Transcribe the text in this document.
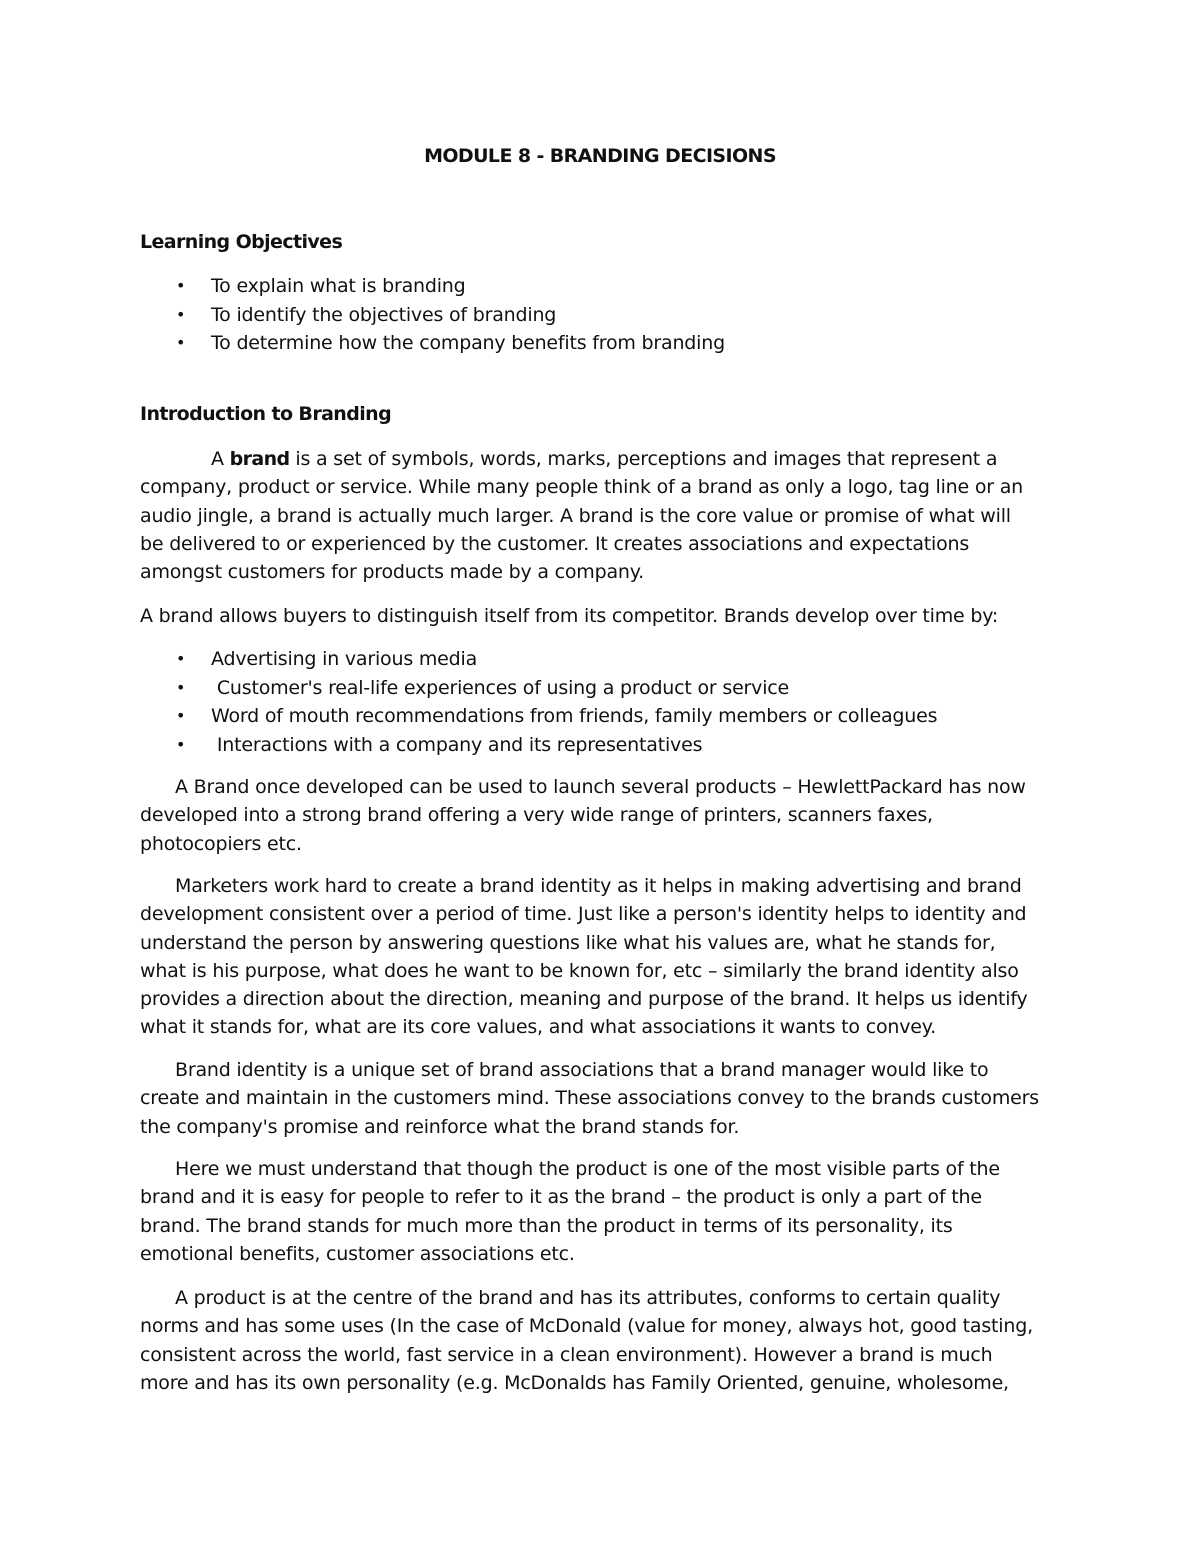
MODULE 8 - BRANDING DECISIONS
Learning Objectives
• To explain what is branding
• To identify the objectives of branding
• To determine how the company benefits from branding
Introduction to Branding

A brand is a set of symbols, words, marks, perceptions and images that represent a
company, product or service. While many people think of a brand as only a logo, tag line or an
audio jingle, a brand is actually much larger. A brand is the core value or promise of what will
be delivered to or experienced by the customer. It creates associations and expectations
amongst customers for products made by a company.

A brand allows buyers to distinguish itself from its competitor. Brands develop over time by:

• Advertising in various media
• Customer's real-life experiences of using a product or service
• Word of mouth recommendations from friends, family members or colleagues
• Interactions with a company and its representatives

A Brand once developed can be used to launch several products – HewlettPackard has now
developed into a strong brand offering a very wide range of printers, scanners faxes,
photocopiers etc.

Marketers work hard to create a brand identity as it helps in making advertising and brand
development consistent over a period of time. Just like a person's identity helps to identity and
understand the person by answering questions like what his values are, what he stands for,
what is his purpose, what does he want to be known for, etc – similarly the brand identity also
provides a direction about the direction, meaning and purpose of the brand. It helps us identify
what it stands for, what are its core values, and what associations it wants to convey.

Brand identity is a unique set of brand associations that a brand manager would like to
create and maintain in the customers mind. These associations convey to the brands customers
the company's promise and reinforce what the brand stands for.

Here we must understand that though the product is one of the most visible parts of the
brand and it is easy for people to refer to it as the brand – the product is only a part of the
brand. The brand stands for much more than the product in terms of its personality, its
emotional benefits, customer associations etc.

A product is at the centre of the brand and has its attributes, conforms to certain quality
norms and has some uses (In the case of McDonald (value for money, always hot, good tasting,
consistent across the world, fast service in a clean environment). However a brand is much
more and has its own personality (e.g. McDonalds has Family Oriented, genuine, wholesome,
